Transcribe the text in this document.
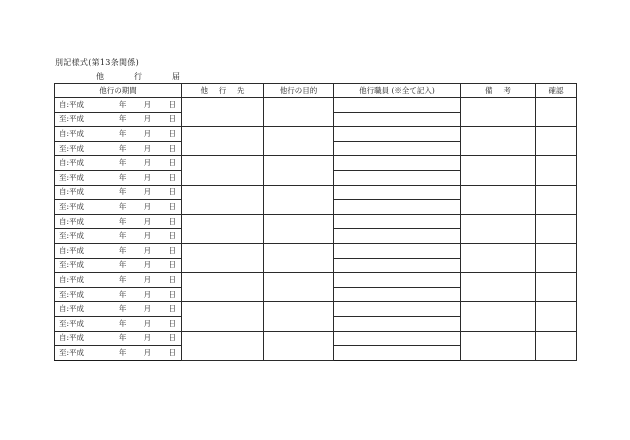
別記様式(第13条関係)
他	行	届
他行の期間	他 行 先	他行の目的	他行職員 (※全て記入)	備 考	確認

自:平成 年 月 日					

至:平成 年 月 日					

自:平成 年 月 日					

至:平成 年 月 日					

自:平成 年 月 日					

至:平成 年 月 日					

自:平成 年 月 日					

至:平成 年 月 日					

自:平成 年 月 日					

至:平成 年 月 日					

自:平成 年 月 日					

至:平成 年 月 日					

自:平成 年 月 日					

至:平成 年 月 日					

自:平成 年 月 日					

至:平成 年 月 日					

自:平成 年 月 日					

至:平成 年 月 日					
